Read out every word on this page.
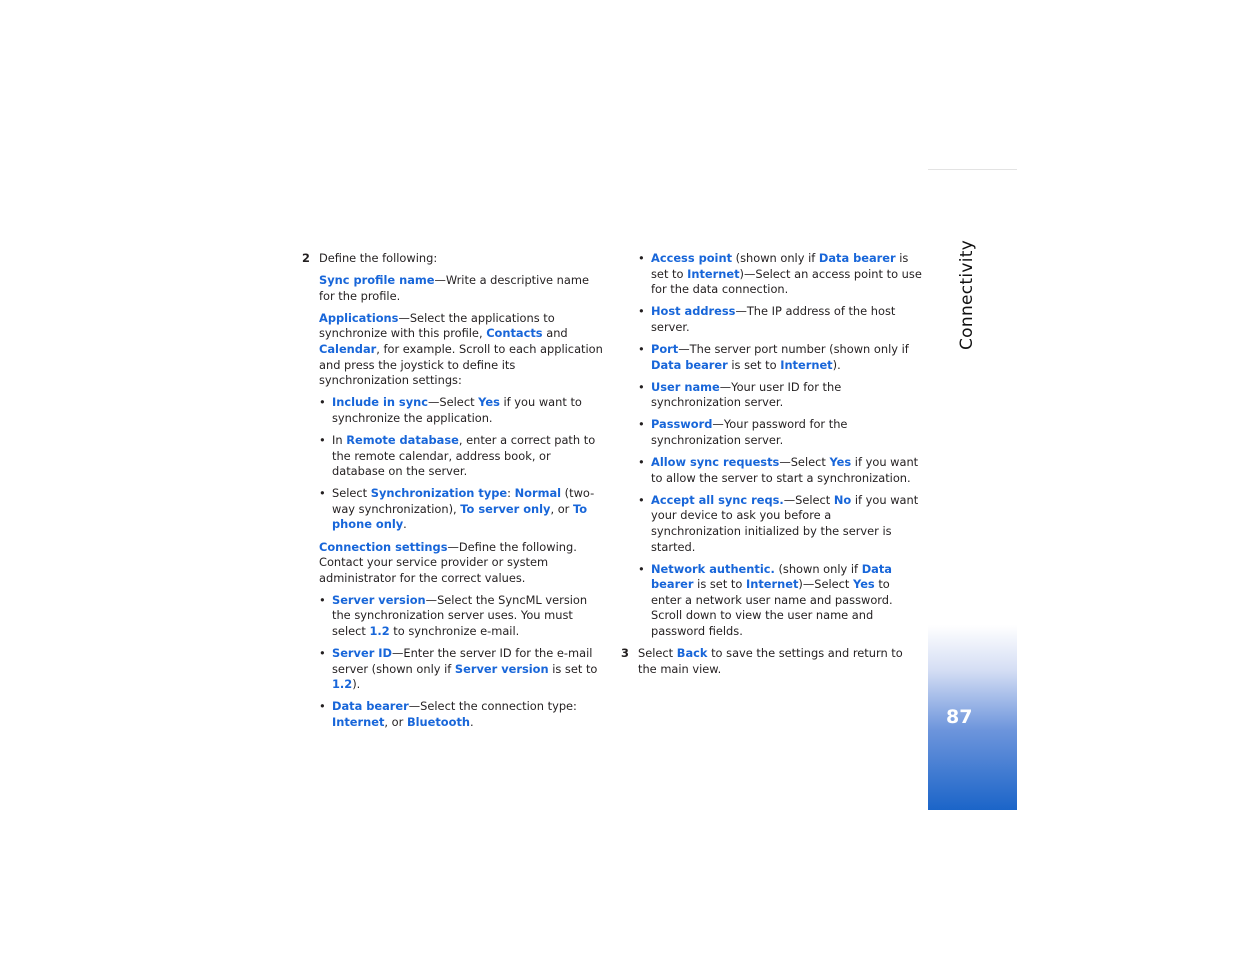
Connectivity
87
2 Define the following:

Sync profile name—Write a descriptive name for the profile.

Applications—Select the applications to synchronize with this profile, Contacts and Calendar, for example. Scroll to each application and press the joystick to define its synchronization settings:

• Include in sync—Select Yes if you want to synchronize the application.
• In Remote database, enter a correct path to the remote calendar, address book, or database on the server.
• Select Synchronization type: Normal (two-way synchronization), To server only, or To phone only.

Connection settings—Define the following. Contact your service provider or system administrator for the correct values.

• Server version—Select the SyncML version the synchronization server uses. You must select 1.2 to synchronize e-mail.
• Server ID—Enter the server ID for the e-mail server (shown only if Server version is set to 1.2).
• Data bearer—Select the connection type: Internet, or Bluetooth.
• Access point (shown only if Data bearer is set to Internet)—Select an access point to use for the data connection.
• Host address—The IP address of the host server.
• Port—The server port number (shown only if Data bearer is set to Internet).
• User name—Your user ID for the synchronization server.
• Password—Your password for the synchronization server.
• Allow sync requests—Select Yes if you want to allow the server to start a synchronization.
• Accept all sync reqs.—Select No if you want your device to ask you before a synchronization initialized by the server is started.
• Network authentic. (shown only if Data bearer is set to Internet)—Select Yes to enter a network user name and password. Scroll down to view the user name and password fields.
3 Select Back to save the settings and return to the main view.
